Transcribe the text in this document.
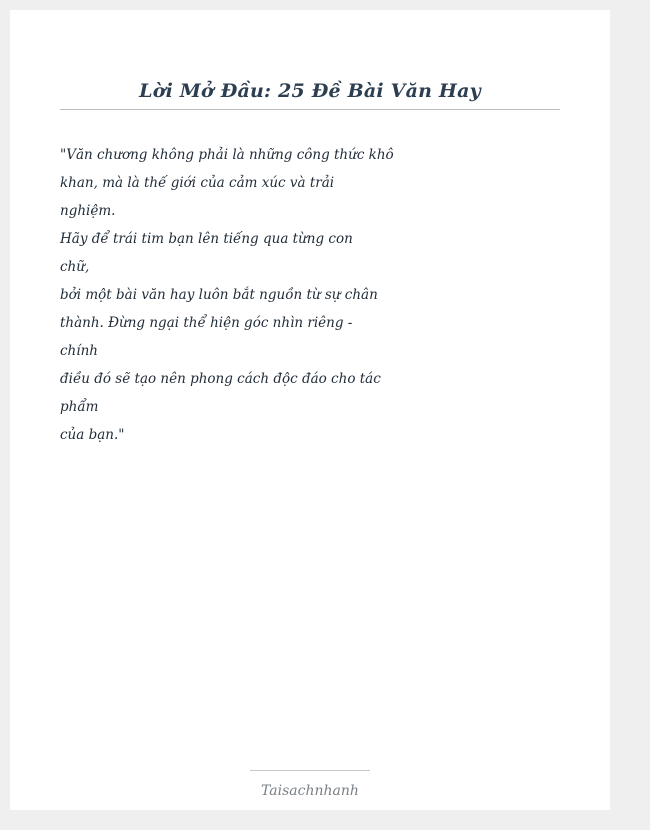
Lời Mở Đầu: 25 Đề Bài Văn Hay
"Văn chương không phải là những công thức khô
khan, mà là thế giới của cảm xúc và trải
nghiệm.
Hãy để trái tim bạn lên tiếng qua từng con
chữ,
bởi một bài văn hay luôn bắt nguồn từ sự chân
thành. Đừng ngại thể hiện góc nhìn riêng -
chính
điều đó sẽ tạo nên phong cách độc đáo cho tác
phẩm
của bạn."
Taisachnhanh
